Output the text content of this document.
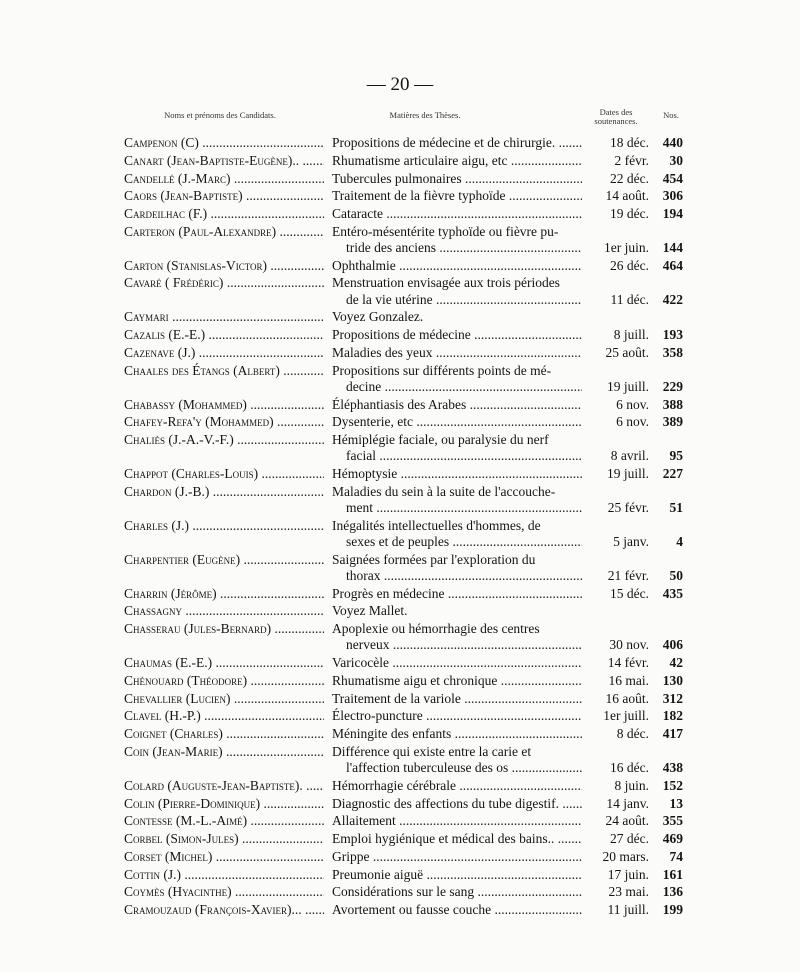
— 20 —
Noms et prénoms des Candidats.	Matières des Thèses.	Dates des soutenances.
Nos.
Campenon (C) .....	Propositions de médecine et de chirurgie. .....	18 déc.	440
Canart (Jean-Baptiste-Eugène).. .....	Rhumatisme articulaire aigu, etc .....	2 févr.	30
Candellé (J.-Marc) .....	Tubercules pulmonaires .....	22 déc.	454
Caors (Jean-Baptiste) .....	Traitement de la fièvre typhoïde .....	14 août.	306
Cardeilhac (F.) .....	Cataracte .....	19 déc.	194
Carteron (Paul-Alexandre) .....	Entéro-mésentérite typhoïde ou fièvre pu-
tride des anciens .....	1er juin.	144
Carton (Stanislas-Victor) .....	Ophthalmie .....	26 déc.	464
Cavaré ( Frédéric) .....	Menstruation envisagée aux trois périodes
de la vie utérine .....	11 déc.	422
Caymari .....	Voyez Gonzalez.
Cazalis (E.-E.) .....	Propositions de médecine .....	8 juill.	193
Cazenave (J.) .....	Maladies des yeux .....	25 août.	358
Chaales des Étangs (Albert) .....	Propositions sur différents points de mé-
decine .....	19 juill.	229
Chabassy (Mohammed) .....	Éléphantiasis des Arabes .....	6 nov.	388
Chafey-Refa'y (Mohammed) .....	Dysenterie, etc .....	6 nov.	389
Chaliès (J.-A.-V.-F.) .....	Hémiplégie faciale, ou paralysie du nerf
facial .....	8 avril.	95
Chappot (Charles-Louis) .....	Hémoptysie .....	19 juill.	227
Chardon (J.-B.) .....	Maladies du sein à la suite de l'accouche-
ment .....	25 févr.	51
Charles (J.) .....	Inégalités intellectuelles d'hommes, de
sexes et de peuples .....	5 janv.	4
Charpentier (Eugène) .....	Saignées formées par l'exploration du
thorax .....	21 févr.	50
Charrin (Jérôme) .....	Progrès en médecine .....	15 déc.	435
Chassagny .....	Voyez Mallet.
Chasserau (Jules-Bernard) .....	Apoplexie ou hémorrhagie des centres
nerveux .....	30 nov.	406
Chaumas (E.-E.) .....	Varicocèle .....	14 févr.	42
Chénouard (Théodore) .....	Rhumatisme aigu et chronique .....	16 mai.	130
Chevallier (Lucien) .....	Traitement de la variole .....	16 août.	312
Clavel (H.-P.) .....	Électro-puncture .....	1er juill.	182
Coignet (Charles) .....	Méningite des enfants .....	8 déc.	417
Coin (Jean-Marie) .....	Différence qui existe entre la carie et
l'affection tuberculeuse des os .....	16 déc.	438
Colard (Auguste-Jean-Baptiste). .....	Hémorrhagie cérébrale .....	8 juin.	152
Colin (Pierre-Dominique) .....	Diagnostic des affections du tube digestif. .....	14 janv.	13
Contesse (M.-L.-Aimé) .....	Allaitement .....	24 août.	355
Corbel (Simon-Jules) .....	Emploi hygiénique et médical des bains.. .....	27 déc.	469
Corset (Michel) .....	Grippe .....	20 mars.	74
Cottin (J.) .....	Preumonie aiguë .....	17 juin.	161
Coymès (Hyacinthe) .....	Considérations sur le sang .....	23 mai.	136
Cramouzaud (François-Xavier)... .....	Avortement ou fausse couche .....	11 juill.	199
